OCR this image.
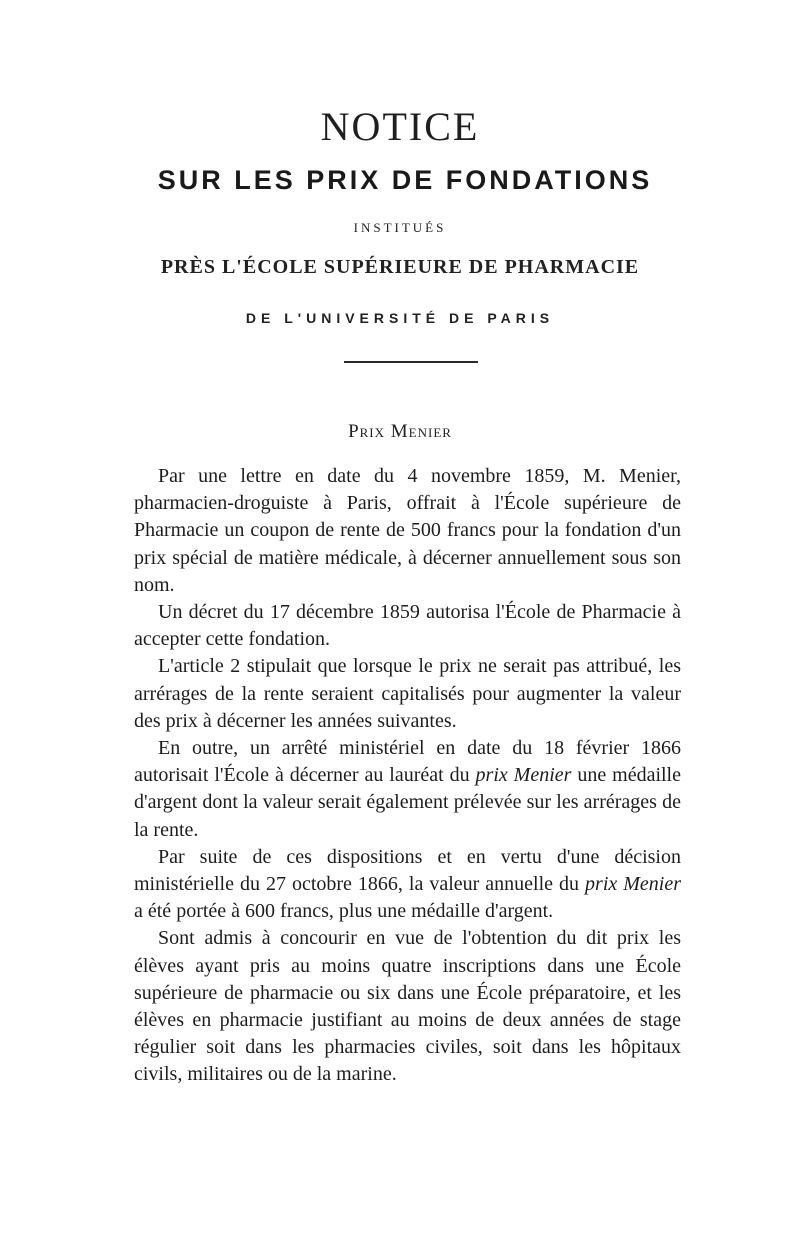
NOTICE
SUR LES PRIX DE FONDATIONS
INSTITUÉS
PRÈS L'ÉCOLE SUPÉRIEURE DE PHARMACIE
DE L'UNIVERSITÉ DE PARIS
Prix Menier

Par une lettre en date du 4 novembre 1859, M. Menier, pharmacien-droguiste à Paris, offrait à l'École supérieure de Pharmacie un coupon de rente de 500 francs pour la fondation d'un prix spécial de matière médicale, à décerner annuellement sous son nom.

Un décret du 17 décembre 1859 autorisa l'École de Pharmacie à accepter cette fondation.

L'article 2 stipulait que lorsque le prix ne serait pas attribué, les arrérages de la rente seraient capitalisés pour augmenter la valeur des prix à décerner les années suivantes.

En outre, un arrêté ministériel en date du 18 février 1866 autorisait l'École à décerner au lauréat du prix Menier une médaille d'argent dont la valeur serait également prélevée sur les arrérages de la rente.

Par suite de ces dispositions et en vertu d'une décision ministérielle du 27 octobre 1866, la valeur annuelle du prix Menier a été portée à 600 francs, plus une médaille d'argent.

Sont admis à concourir en vue de l'obtention du dit prix les élèves ayant pris au moins quatre inscriptions dans une École supérieure de pharmacie ou six dans une École préparatoire, et les élèves en pharmacie justifiant au moins de deux années de stage régulier soit dans les pharmacies civiles, soit dans les hôpitaux civils, militaires ou de la marine.
